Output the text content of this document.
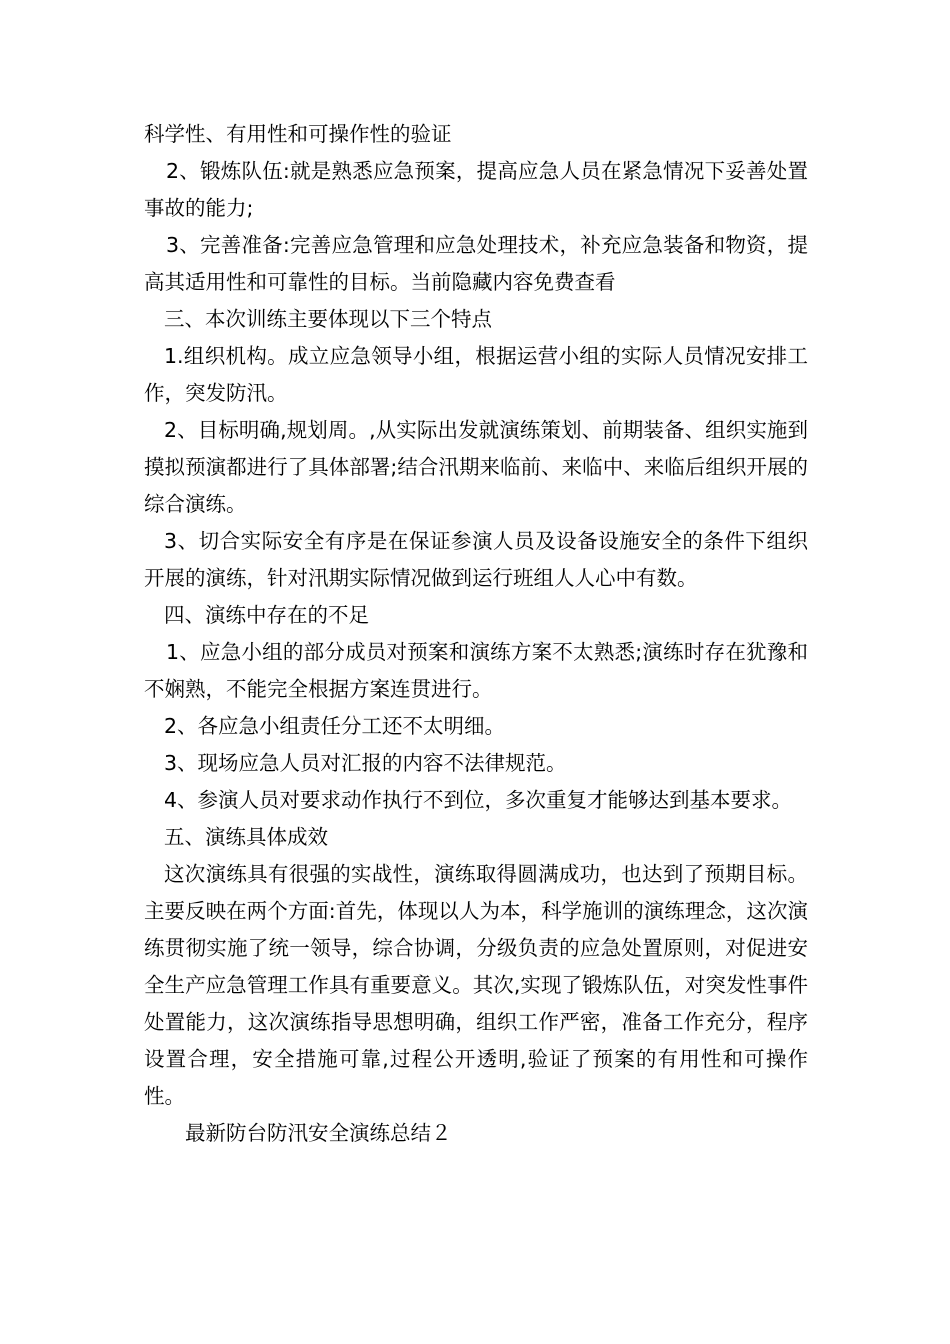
科学性、有用性和可操作性的验证

2、锻炼队伍:就是熟悉应急预案，提高应急人员在紧急情况下妥善处置事故的能力;

3、完善准备:完善应急管理和应急处理技术，补充应急装备和物资，提高其适用性和可靠性的目标。当前隐藏内容免费查看

三、本次训练主要体现以下三个特点

1.组织机构。成立应急领导小组，根据运营小组的实际人员情况安排工作，突发防汛。

2、目标明确,规划周。,从实际出发就演练策划、前期装备、组织实施到摸拟预演都进行了具体部署;结合汛期来临前、来临中、来临后组织开展的综合演练。

3、切合实际安全有序是在保证参演人员及设备设施安全的条件下组织开展的演练，针对汛期实际情况做到运行班组人人心中有数。

四、演练中存在的不足

1、应急小组的部分成员对预案和演练方案不太熟悉;演练时存在犹豫和不娴熟，不能完全根据方案连贯进行。

2、各应急小组责任分工还不太明细。

3、现场应急人员对汇报的内容不法律规范。

4、参演人员对要求动作执行不到位，多次重复才能够达到基本要求。

五、演练具体成效

这次演练具有很强的实战性，演练取得圆满成功，也达到了预期目标。主要反映在两个方面:首先，体现以人为本，科学施训的演练理念，这次演练贯彻实施了统一领导，综合协调，分级负责的应急处置原则，对促进安全生产应急管理工作具有重要意义。其次,实现了锻炼队伍，对突发性事件处置能力，这次演练指导思想明确，组织工作严密，准备工作充分，程序设置合理，安全措施可靠,过程公开透明,验证了预案的有用性和可操作性。

最新防台防汛安全演练总结２
